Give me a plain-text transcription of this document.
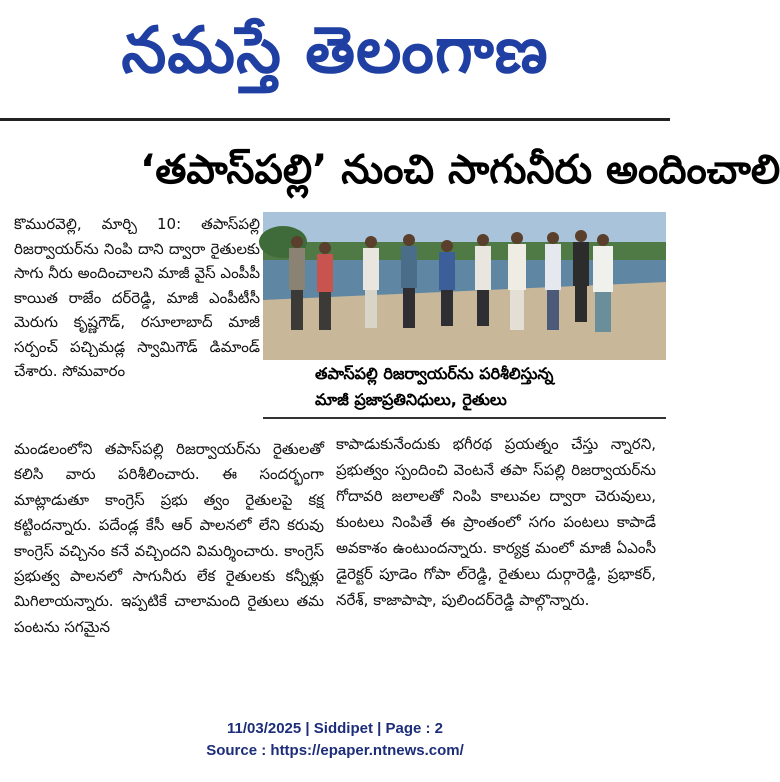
నమస్తే తెలంగాణ
‘తపాస్‌పల్లి’ నుంచి సాగునీరు అందించాలి
కొమురవెల్లి, మార్చి 10: తపాస్‌పల్లి రిజర్వాయర్‌ను నింపి దాని ద్వారా రైతులకు సాగు నీరు అందించాలని మాజీ వైస్ ఎంపీపీ కాయిత రాజేం దర్‌రెడ్డి, మాజీ ఎంపీటీసీ మెరుగు కృష్ణగౌడ్, రసూలాబాద్ మాజీ సర్పంచ్ పచ్చిమడ్ల స్వామిగౌడ్ డిమాండ్ చేశారు. సోమవారం	తపాస్‌పల్లి రిజర్వాయర్‌ను పరిశీలిస్తున్న
మాజీ ప్రజాప్రతినిధులు, రైతులు
మండలంలోని తపాస్‌పల్లి రిజర్వాయర్‌ను రైతులతో కలిసి వారు పరిశీలించారు. ఈ సందర్భంగా మాట్లాడుతూ కాంగ్రెస్ ప్రభు త్వం రైతులపై కక్ష కట్టిందన్నారు. పదేండ్ల కేసీ ఆర్ పాలనలో లేని కరువు కాంగ్రెస్ వచ్చినం కనే వచ్చిందని విమర్శించారు. కాంగ్రెస్ ప్రభుత్వ పాలనలో సాగునీరు లేక రైతులకు కన్నీళ్లు మిగిలాయన్నారు. ఇప్పటికే చాలామంది రైతులు తమ పంటను సగమైన
కాపాడుకునేందుకు భగీరథ ప్రయత్నం చేస్తు న్నారని, ప్రభుత్వం స్పందించి వెంటనే తపా స్‌పల్లి రిజర్వాయర్‌ను గోదావరి జలాలతో నింపి కాలువల ద్వారా చెరువులు, కుంటలు నింపితే ఈ ప్రాంతంలో సగం పంటలు కాపాడే అవకాశం ఉంటుందన్నారు. కార్యక్ర మంలో మాజీ ఏఎంసీ డైరెక్టర్ పూడెం గోపా ల్‌రెడ్డి, రైతులు దుర్గారెడ్డి, ప్రభాకర్, నరేశ్, కాజాపాషా, పులిందర్‌రెడ్డి పాల్గొన్నారు.
11/03/2025 | Siddipet | Page : 2
Source : https://epaper.ntnews.com/
